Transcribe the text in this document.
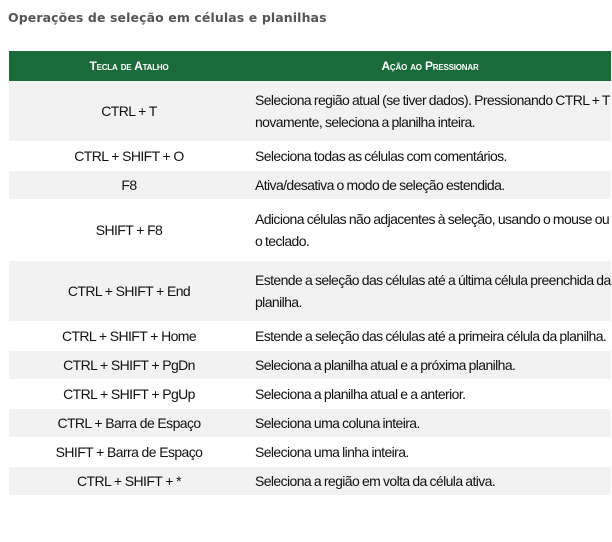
Operações de seleção em células e planilhas
Tecla de Atalho	Ação ao Pressionar
CTRL + T	Seleciona região atual (se tiver dados). Pressionando CTRL + T novamente, seleciona a planilha inteira.
CTRL + SHIFT + O	Seleciona todas as células com comentários.
F8	Ativa/desativa o modo de seleção estendida.
SHIFT + F8	Adiciona células não adjacentes à seleção, usando o mouse ou o teclado.
CTRL + SHIFT + End	Estende a seleção das células até a última célula preenchida da planilha.
CTRL + SHIFT + Home	Estende a seleção das células até a primeira célula da planilha.
CTRL + SHIFT + PgDn	Seleciona a planilha atual e a próxima planilha.
CTRL + SHIFT + PgUp	Seleciona a planilha atual e a anterior.
CTRL + Barra de Espaço	Seleciona uma coluna inteira.
SHIFT + Barra de Espaço	Seleciona uma linha inteira.
CTRL + SHIFT + *	Seleciona a região em volta da célula ativa.
